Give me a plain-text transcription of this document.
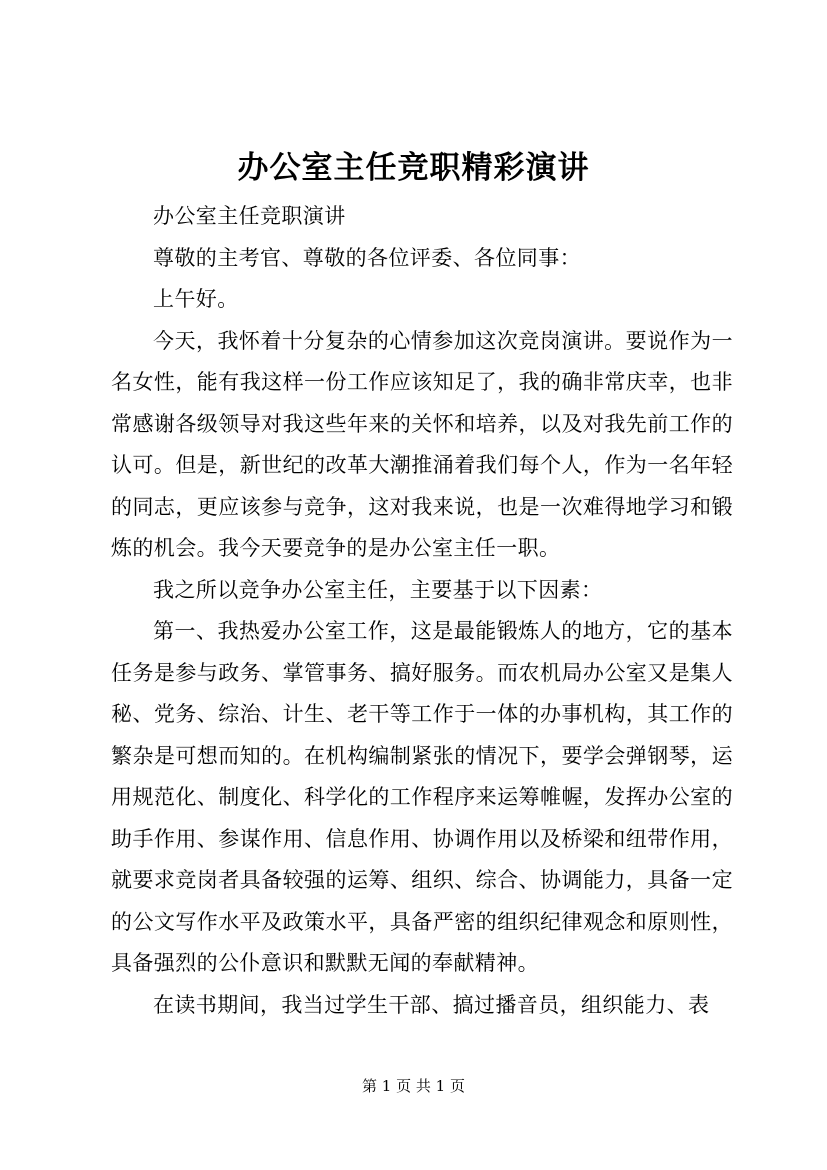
办公室主任竞职精彩演讲

办公室主任竞职演讲

尊敬的主考官、尊敬的各位评委、各位同事：

上午好。

今天，我怀着十分复杂的心情参加这次竞岗演讲。要说作为一名女性，能有我这样一份工作应该知足了，我的确非常庆幸，也非常感谢各级领导对我这些年来的关怀和培养，以及对我先前工作的认可。但是，新世纪的改革大潮推涌着我们每个人，作为一名年轻的同志，更应该参与竞争，这对我来说，也是一次难得地学习和锻炼的机会。我今天要竞争的是办公室主任一职。

我之所以竞争办公室主任，主要基于以下因素：

第一、我热爱办公室工作，这是最能锻炼人的地方，它的基本任务是参与政务、掌管事务、搞好服务。而农机局办公室又是集人秘、党务、综治、计生、老干等工作于一体的办事机构，其工作的繁杂是可想而知的。在机构编制紧张的情况下，要学会弹钢琴，运用规范化、制度化、科学化的工作程序来运筹帷幄，发挥办公室的助手作用、参谋作用、信息作用、协调作用以及桥梁和纽带作用，就要求竞岗者具备较强的运筹、组织、综合、协调能力，具备一定的公文写作水平及政策水平，具备严密的组织纪律观念和原则性，具备强烈的公仆意识和默默无闻的奉献精神。

在读书期间，我当过学生干部、搞过播音员，组织能力、表

第 1 页 共 1 页
